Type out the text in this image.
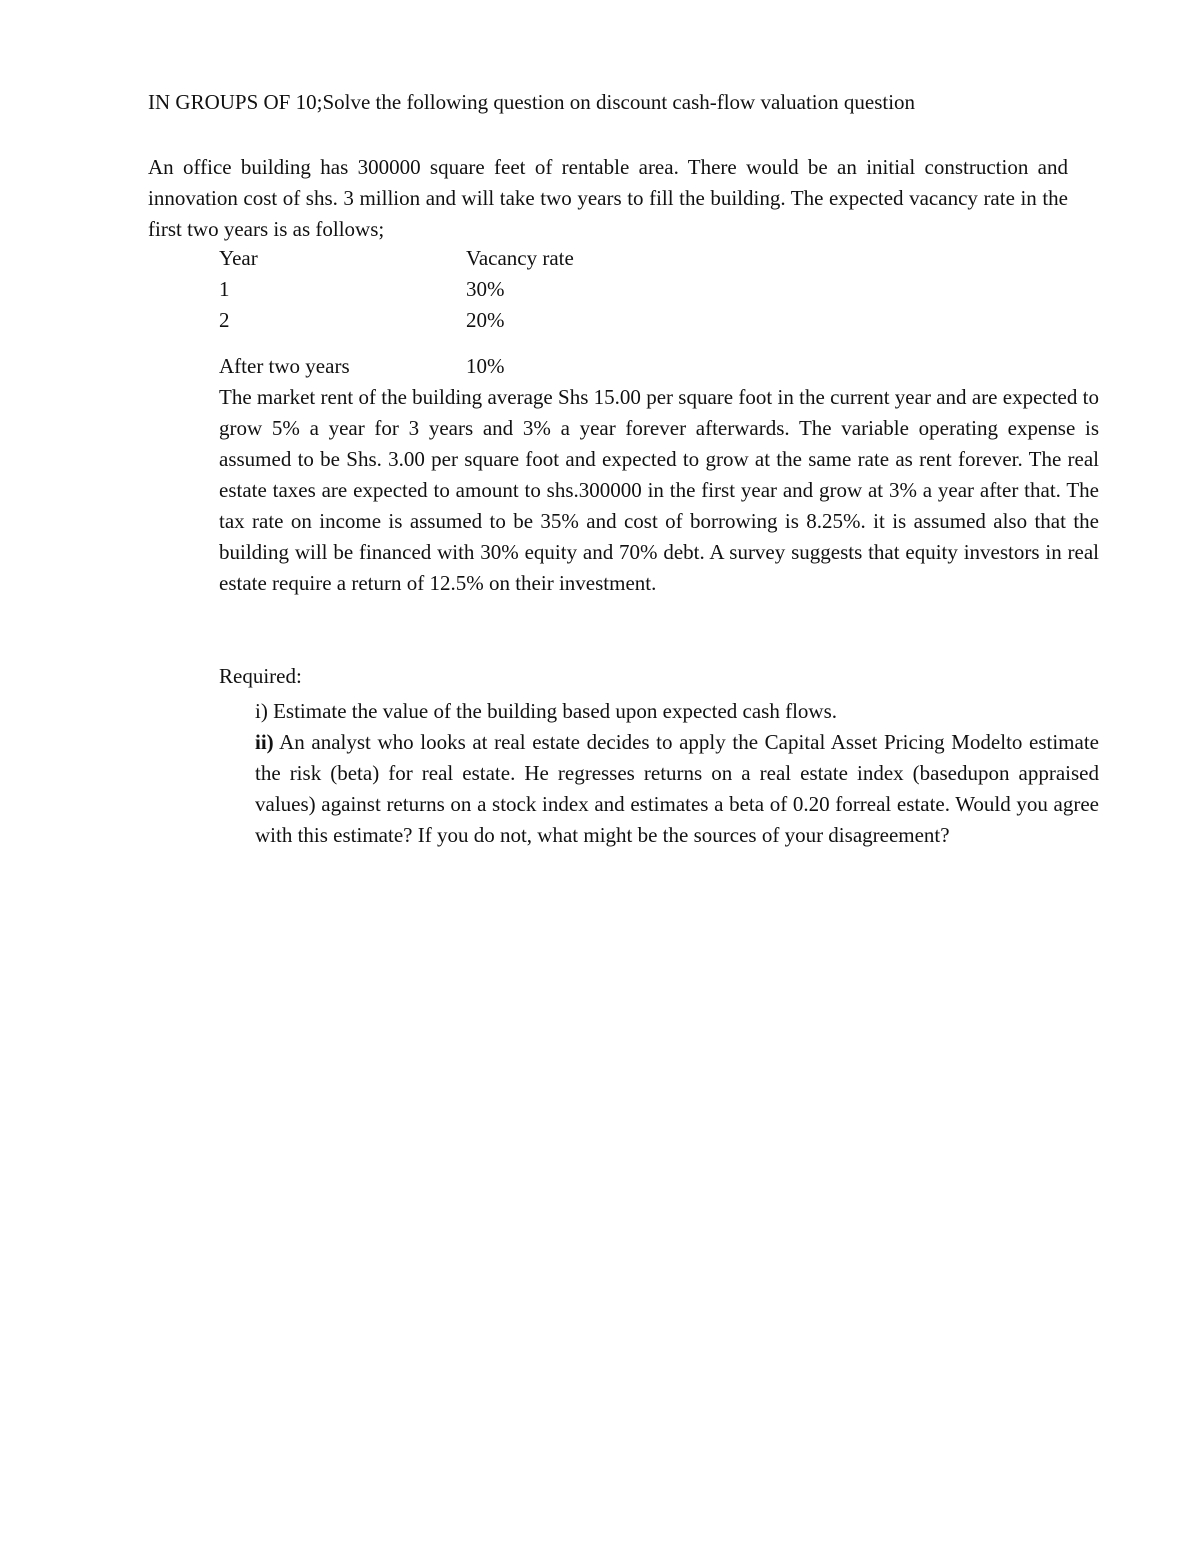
IN GROUPS OF 10;Solve the following question on discount cash-flow valuation question

An office building has 300000 square feet of rentable area. There would be an initial construction and innovation cost of shs. 3 million and will take two years to fill the building. The expected vacancy rate in the first two years is as follows;

Year	Vacancy rate
1	30%
2	20%
After two years	10%

The market rent of the building average Shs 15.00 per square foot in the current year and are expected to grow 5% a year for 3 years and 3% a year forever afterwards. The variable operating expense is assumed to be Shs. 3.00 per square foot and expected to grow at the same rate as rent forever. The real estate taxes are expected to amount to shs.300000 in the first year and grow at 3% a year after that. The tax rate on income is assumed to be 35% and cost of borrowing is 8.25%. it is assumed also that the building will be financed with 30% equity and 70% debt. A survey suggests that equity investors in real estate require a return of 12.5% on their investment.

Required:

i) Estimate the value of the building based upon expected cash flows.

ii) An analyst who looks at real estate decides to apply the Capital Asset Pricing Modelto estimate the risk (beta) for real estate. He regresses returns on a real estate index (basedupon appraised values) against returns on a stock index and estimates a beta of 0.20 forreal estate. Would you agree with this estimate? If you do not, what might be the sources of your disagreement?
